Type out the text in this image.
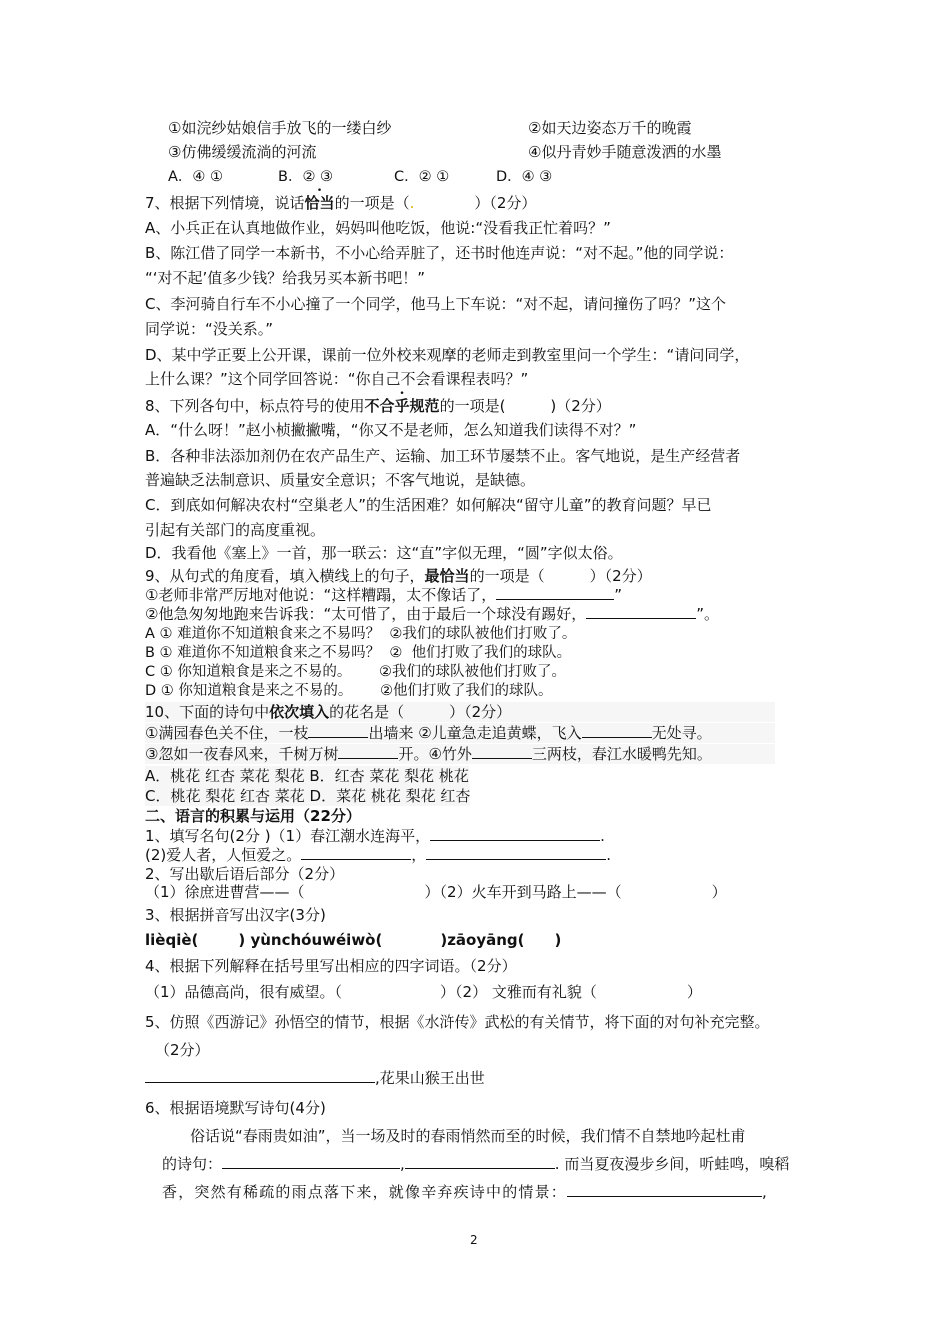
①如浣纱姑娘信手放飞的一缕白纱	②如天边姿态万千的晚霞
③仿佛缓缓流淌的河流	④似丹青妙手随意泼洒的水墨
A．④ ①	B．② ③	C．② ①	D．④ ③
7、根据下列情境，说话恰当的一项是（.　　　　	）（2分）
A、小兵正在认真地做作业，妈妈叫他吃饭，他说:“没看我正忙着吗？”
B、陈江借了同学一本新书，不小心给弄脏了，还书时他连声说：“对不起。”他的同学说：
“‘对不起’值多少钱？给我另买本新书吧！”
C、李河骑自行车不小心撞了一个同学，他马上下车说：“对不起，请问撞伤了吗？”这个
同学说：“没关系。”
D、某中学正要上公开课，课前一位外校来观摩的老师走到教室里问一个学生：“请问同学，
上什么课？”这个同学回答说：“你自己不会看课程表吗？”
8、下列各句中，标点符号的使用• 不合乎规范的一项是(　　　)（2分）
A．“什么呀！”赵小桢撇撇嘴，“你又不是老师，怎么知道我们读得不对？”
B．各种非法添加剂仍在农产品生产、运输、加工环节屡禁不止。客气地说，是生产经营者
普遍缺乏法制意识、质量安全意识；不客气地说，是缺德。
C．到底如何解决农村“空巢老人”的生活困难？如何解决“留守儿童”的教育问题？早已
引起有关部门的高度重视。
D．我看他《塞上》一首，那一联云：这“直”字似无理，“圆”字似太俗。
9、从句式的角度看，填入横线上的句子，最恰当的一项是（　　　）（2分）
①老师非常严厉地对他说：“这样糟蹋，太不像话了，	”
②他急匆匆地跑来告诉我：“太可惜了，由于最后一个球没有踢好，	”。
A ① 难道你不知道粮食来之不易吗？  ②我们的球队被他们打败了。
B ① 难道你不知道粮食来之不易吗？  ②  他们打败了我们的球队。
C ① 你知道粮食是来之不易的。      ②我们的球队被他们打败了。
D ① 你知道粮食是来之不易的。      ②他们打败了我们的球队。
10、下面的诗句中依次填入的花名是（　　　）（2分）
①满园春色关不住，一枝	出墙来 ②儿童急走追黄蝶，飞入	无处寻。
③忽如一夜春风来，千树万树	开。④竹外	三两枝，春江水暖鸭先知。
A．桃花 红杏 菜花 梨花 B．红杏 菜花 梨花 桃花
C．桃花 梨花 红杏 菜花 D．菜花 桃花 梨花 红杏
二、语言的积累与运用（22分）
1、填写名句(2分 )（1）春江潮水连海平，	.
(2)爱人者，人恒爱之。	，	.
2、写出歇后语后部分（2分）
（1）徐庶进曹营——（	）（2）火车开到马路上——（	）
3、根据拼音写出汉字(3分)
lièqiè(	) yùnchóuwéiwò(	)zāoyāng( )
4、根据下列解释在括号里写出相应的四字词语。（2分）
（1）品德高尚，很有威望。（	）（2） 文雅而有礼貌（	）
5、仿照《西游记》孙悟空的情节，根据《水浒传》武松的有关情节，将下面的对句补充完整。
（2分）
,花果山猴王出世
6、根据语境默写诗句(4分)
俗话说“春雨贵如油”，当一场及时的春雨悄然而至的时候，我们情不自禁地吟起杜甫
的诗句：	,	. 而当夏夜漫步乡间，听蛙鸣，嗅稻
香，突然有稀疏的雨点落下来，就像辛弃疾诗中的情景：	,
2
